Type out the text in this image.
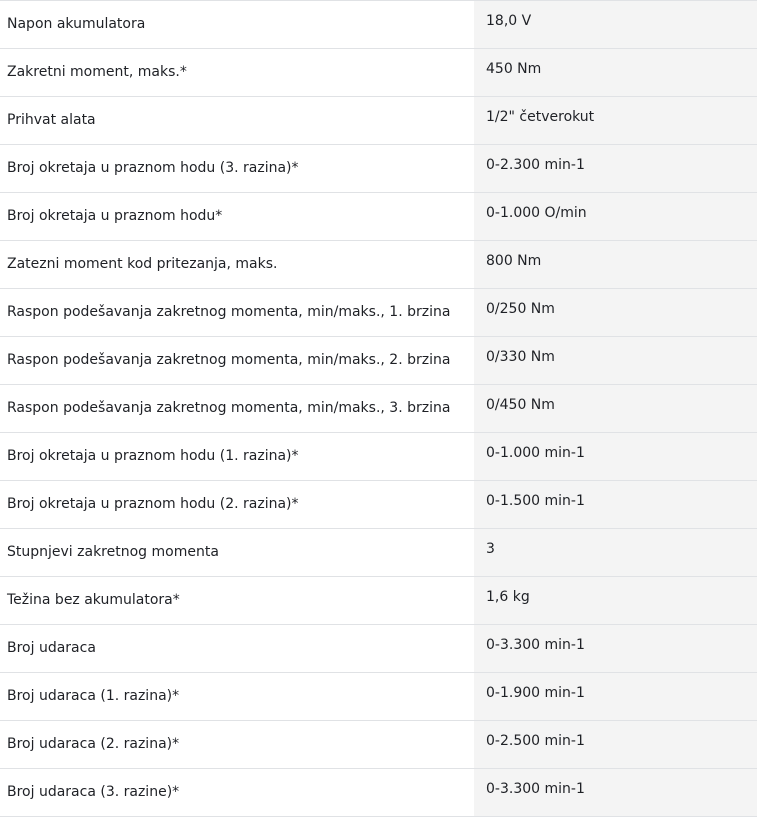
Napon akumulatora	18,0 V
Zakretni moment, maks.*	450 Nm
Prihvat alata	1/2" četverokut
Broj okretaja u praznom hodu (3. razina)*	0-2.300 min-1
Broj okretaja u praznom hodu*	0-1.000 O/min
Zatezni moment kod pritezanja, maks.	800 Nm
Raspon podešavanja zakretnog momenta, min/maks., 1. brzina	0/250 Nm
Raspon podešavanja zakretnog momenta, min/maks., 2. brzina	0/330 Nm
Raspon podešavanja zakretnog momenta, min/maks., 3. brzina	0/450 Nm
Broj okretaja u praznom hodu (1. razina)*	0-1.000 min-1
Broj okretaja u praznom hodu (2. razina)*	0-1.500 min-1
Stupnjevi zakretnog momenta	3
Težina bez akumulatora*	1,6 kg
Broj udaraca	0-3.300 min-1
Broj udaraca (1. razina)*	0-1.900 min-1
Broj udaraca (2. razina)*	0-2.500 min-1
Broj udaraca (3. razine)*	0-3.300 min-1
